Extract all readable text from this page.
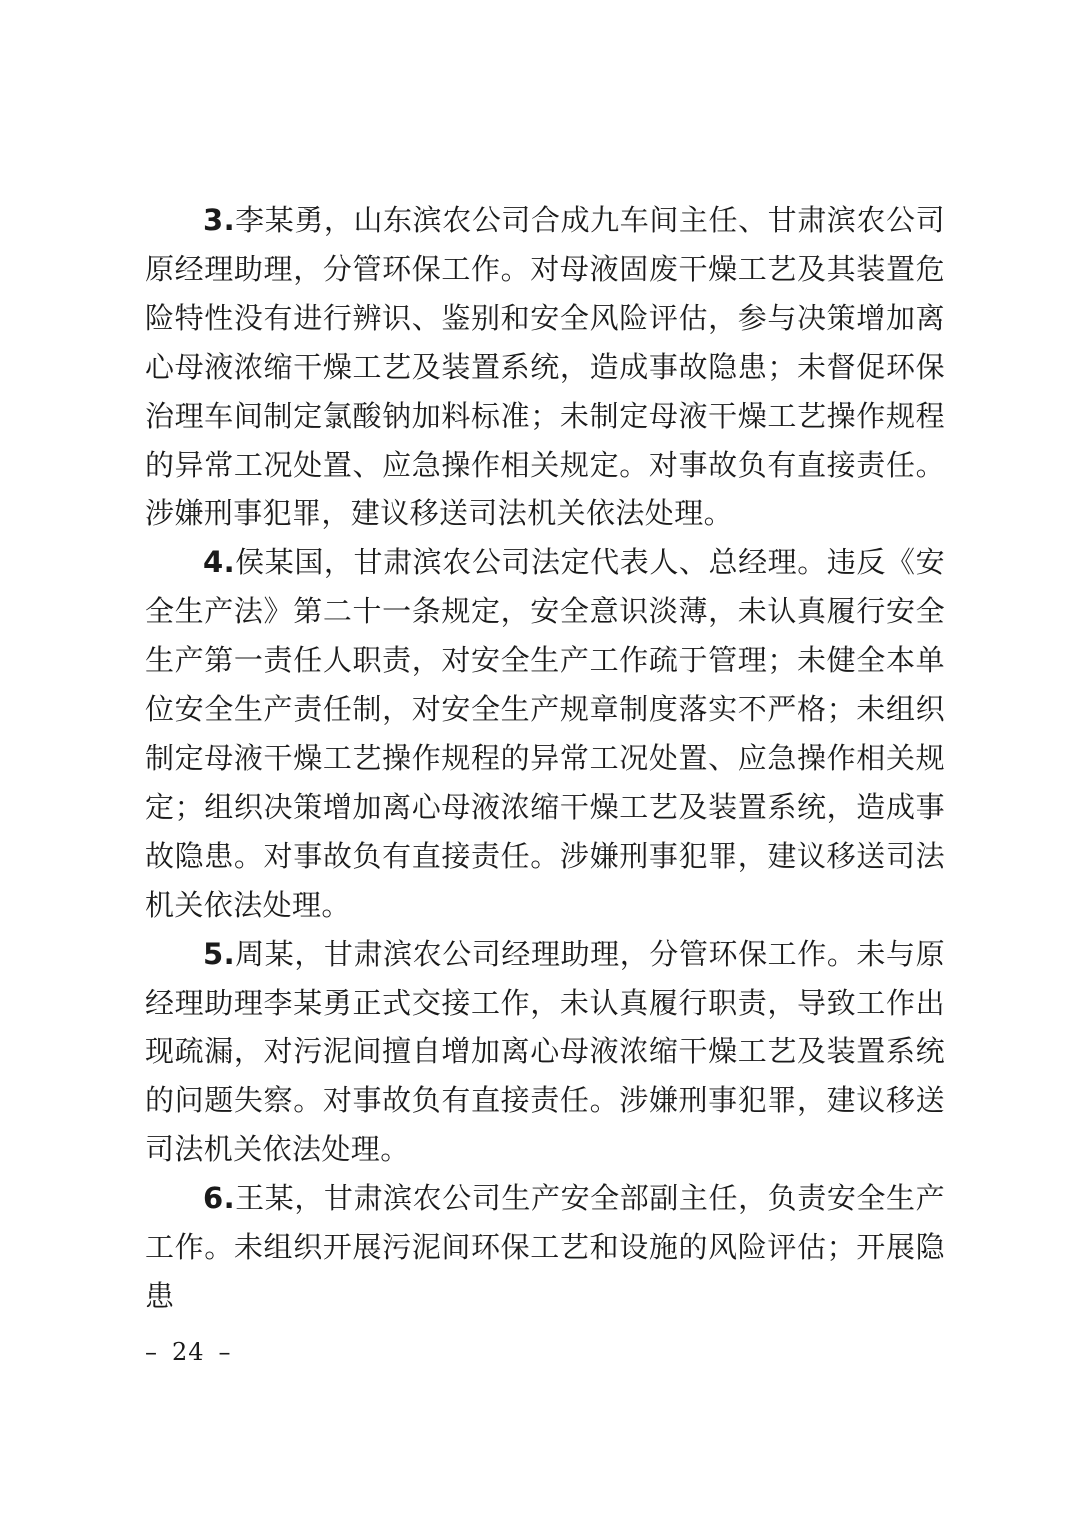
3.李某勇，山东滨农公司合成九车间主任、甘肃滨农公司原经理助理，分管环保工作。对母液固废干燥工艺及其装置危险特性没有进行辨识、鉴别和安全风险评估，参与决策增加离心母液浓缩干燥工艺及装置系统，造成事故隐患；未督促环保治理车间制定氯酸钠加料标准；未制定母液干燥工艺操作规程的异常工况处置、应急操作相关规定。对事故负有直接责任。涉嫌刑事犯罪，建议移送司法机关依法处理。

4.侯某国，甘肃滨农公司法定代表人、总经理。违反《安全生产法》第二十一条规定，安全意识淡薄，未认真履行安全生产第一责任人职责，对安全生产工作疏于管理；未健全本单位安全生产责任制，对安全生产规章制度落实不严格；未组织制定母液干燥工艺操作规程的异常工况处置、应急操作相关规定；组织决策增加离心母液浓缩干燥工艺及装置系统，造成事故隐患。对事故负有直接责任。涉嫌刑事犯罪，建议移送司法机关依法处理。

5.周某，甘肃滨农公司经理助理，分管环保工作。未与原经理助理李某勇正式交接工作，未认真履行职责，导致工作出现疏漏，对污泥间擅自增加离心母液浓缩干燥工艺及装置系统的问题失察。对事故负有直接责任。涉嫌刑事犯罪，建议移送司法机关依法处理。

6.王某，甘肃滨农公司生产安全部副主任，负责安全生产工作。未组织开展污泥间环保工艺和设施的风险评估；开展隐患

– 24 –
